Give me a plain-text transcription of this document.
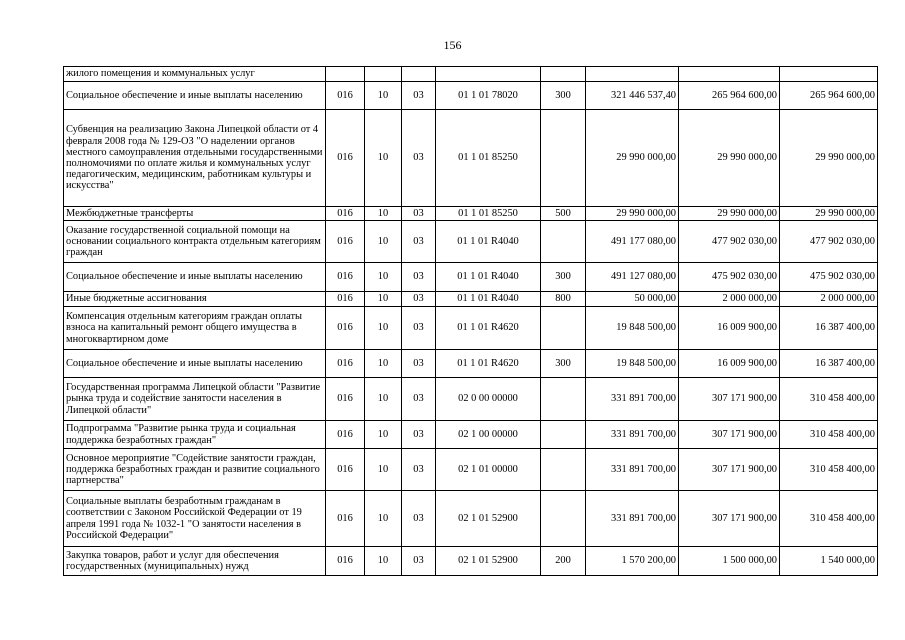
156
жилого помещения и коммунальных услуг								
Социальное обеспечение и иные выплаты населению	016	10	03	01 1 01 78020	300	321 446 537,40	265 964 600,00	265 964 600,00
Субвенция на реализацию Закона Липецкой области от 4 февраля 2008 года № 129-ОЗ "О наделении органов местного самоуправления отдельными государственными полномочиями по оплате жилья и коммунальных услуг педагогическим, медицинским, работникам культуры и искусства"	016	10	03	01 1 01 85250		29 990 000,00	29 990 000,00	29 990 000,00
Межбюджетные трансферты	016	10	03	01 1 01 85250	500	29 990 000,00	29 990 000,00	29 990 000,00
Оказание государственной социальной помощи на основании социального контракта отдельным категориям граждан	016	10	03	01 1 01 R4040		491 177 080,00	477 902 030,00	477 902 030,00
Социальное обеспечение и иные выплаты населению	016	10	03	01 1 01 R4040	300	491 127 080,00	475 902 030,00	475 902 030,00
Иные бюджетные ассигнования	016	10	03	01 1 01 R4040	800	50 000,00	2 000 000,00	2 000 000,00
Компенсация отдельным категориям граждан оплаты взноса на капитальный ремонт общего имущества в многоквартирном доме	016	10	03	01 1 01 R4620		19 848 500,00	16 009 900,00	16 387 400,00
Социальное обеспечение и иные выплаты населению	016	10	03	01 1 01 R4620	300	19 848 500,00	16 009 900,00	16 387 400,00
Государственная программа Липецкой области "Развитие рынка труда и содействие занятости населения в Липецкой области"	016	10	03	02 0 00 00000		331 891 700,00	307 171 900,00	310 458 400,00
Подпрограмма "Развитие рынка труда и социальная поддержка безработных граждан"	016	10	03	02 1 00 00000		331 891 700,00	307 171 900,00	310 458 400,00
Основное мероприятие "Содействие занятости граждан, поддержка безработных граждан и развитие социального партнерства"	016	10	03	02 1 01 00000		331 891 700,00	307 171 900,00	310 458 400,00
Социальные выплаты безработным гражданам в соответствии с Законом Российской Федерации от 19 апреля 1991 года № 1032-1 "О занятости населения в Российской Федерации"	016	10	03	02 1 01 52900		331 891 700,00	307 171 900,00	310 458 400,00
Закупка товаров, работ и услуг для обеспечения государственных (муниципальных) нужд	016	10	03	02 1 01 52900	200	1 570 200,00	1 500 000,00	1 540 000,00
